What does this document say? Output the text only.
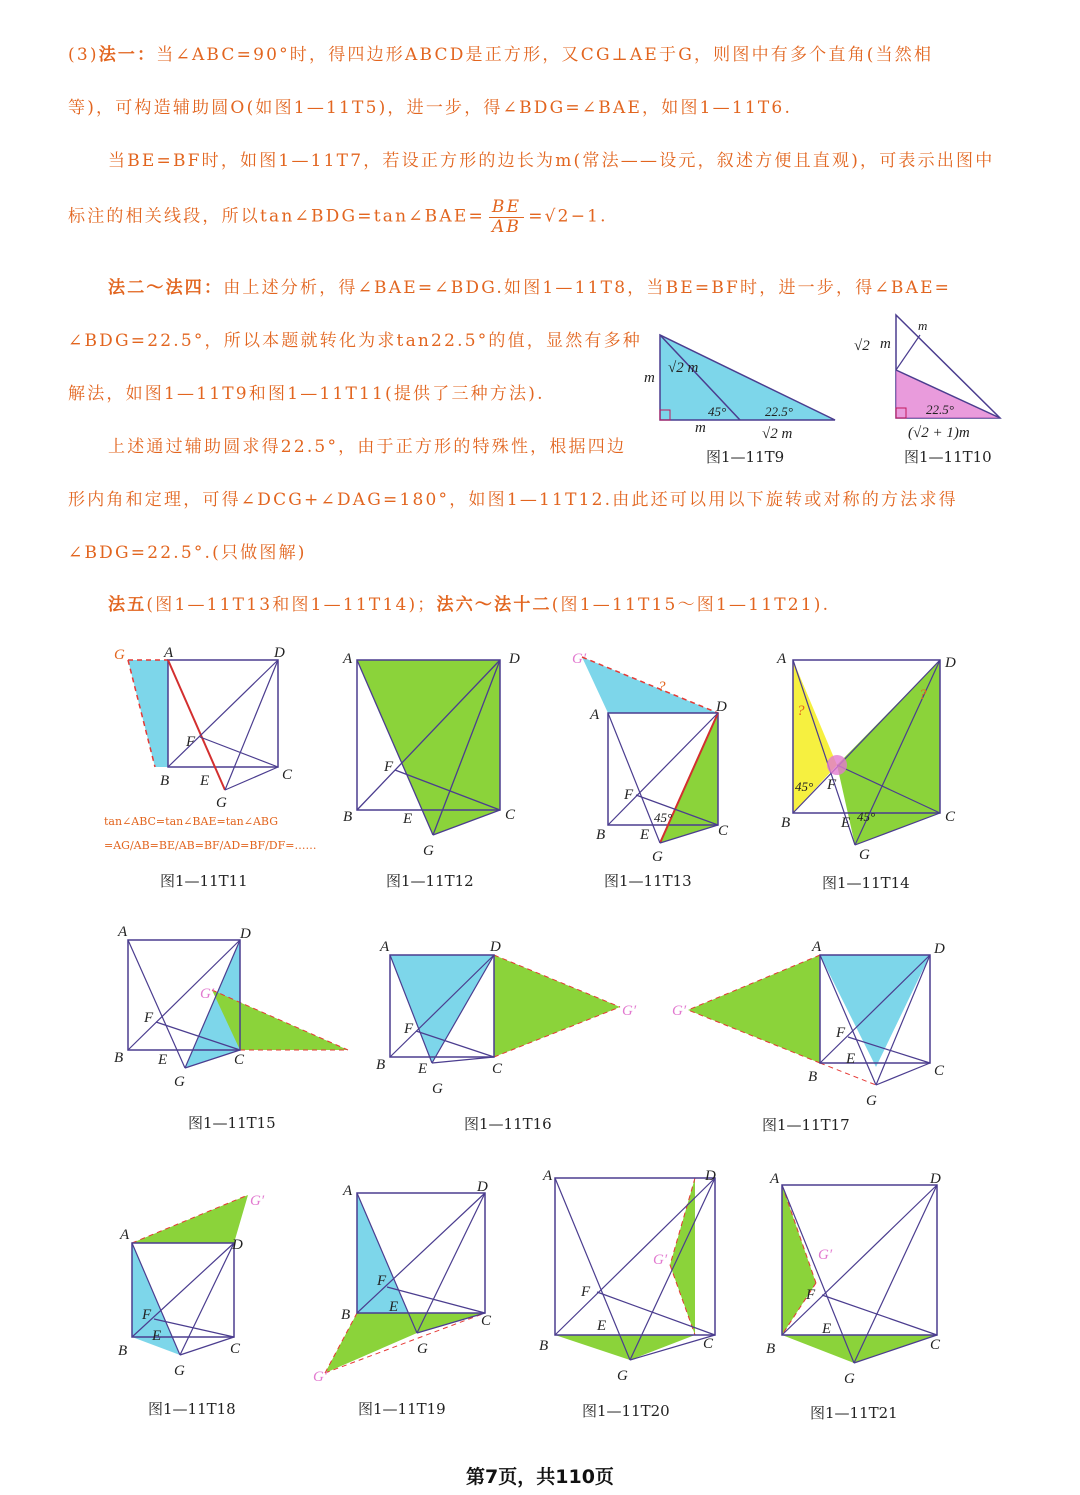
(3)法一：当∠ABC=90°时，得四边形ABCD是正方形，又CG⊥AE于G，则图中有多个直角(当然相
等)，可构造辅助圆O(如图1—11T5)，进一步，得∠BDG=∠BAE，如图1—11T6.
当BE=BF时，如图1—11T7，若设正方形的边长为m(常法——设元，叙述方便且直观)，可表示出图中
标注的相关线段，所以tan∠BDG=tan∠BAE= $\frac{BE}{AB} =√2-1$.
法二～法四：由上述分析，得∠BAE=∠BDG.如图1—11T8，当BE=BF时，进一步，得∠BAE=
∠BDG=22.5°，所以本题就转化为求tan22.5°的值，显然有多种
解法，如图1—11T9和图1—11T11(提供了三种方法).
上述通过辅助圆求得22.5°，由于正方形的特殊性，根据四边
形内角和定理，可得∠DCG+∠DAG=180°，如图1—11T12.由此还可以用以下旋转或对称的方法求得
∠BDG=22.5°.(只做图解)
法五(图1—11T13和图1—11T14)；法六～法十二(图1—11T15～图1—11T21).
m
√2 m
m
45°	22.5°
√2 m
图1—11T9
m
√2 m
22.5°
(√2 + 1)m
图1—11T10
G	A	D
B	C
F
E
G
tan∠ABC=tan∠BAE=tan∠ABG
=AG/AB=BE/AB=BF/AD=BF/DF=……
图1—11T11
A	D
B	C
F
E
G
图1—11T12
G′
A	D
B	C
F
E
G
45°
?
图1—11T13
A	D
B	C
F
E
G
45°
45°
?
?
图1—11T14
A	D
B	C
F
E
G
G′
图1—11T15
A	D
B	C
F
E
G
G′
图1—11T16
A	D
B	C
F
E
G
G′
图1—11T17
A
D
B	C
F
E
G
G′
图1—11T18
A	D
B	C
F
E
G
G′
图1—11T19
A	D
B	C
F
E
G
G′
图1—11T20
A	D
B	C
F
E
G
G′
图1—11T21
第7页，共110页
